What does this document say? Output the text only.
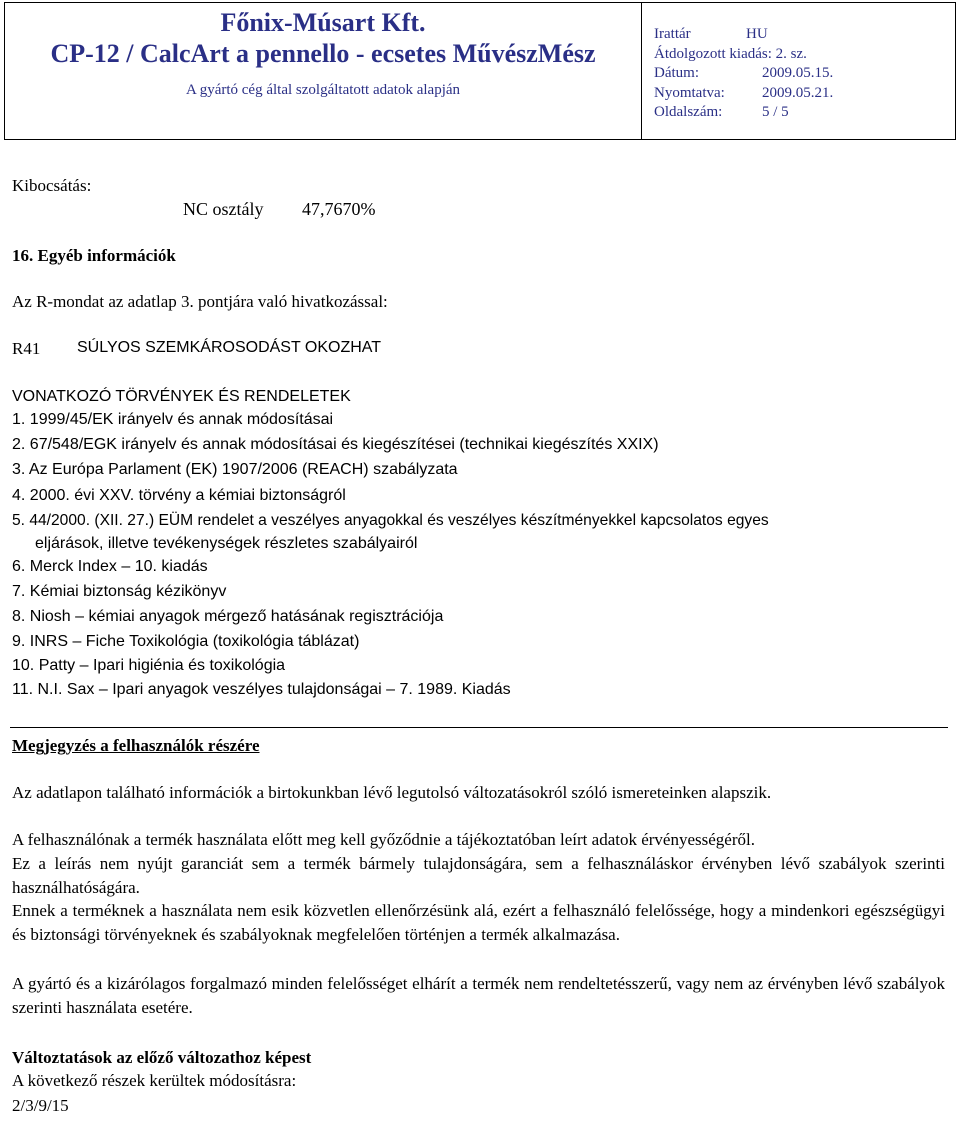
Főnix-Músart Kft.
CP-12 / CalcArt a pennello - ecsetes MűvészMész
A gyártó cég által szolgáltatott adatok alapján
Irattár	HU
Átdolgozott kiadás: 2. sz.
Dátum:	2009.05.15.
Nyomtatva: 2009.05.21.
Oldalszám:	5 / 5
Kibocsátás:
NC osztály 47,7670%
16. Egyéb információk
Az R-mondat az adatlap 3. pontjára való hivatkozással:
R41 SÚLYOS SZEMKÁROSODÁST OKOZHAT
VONATKOZÓ TÖRVÉNYEK ÉS RENDELETEK
1. 1999/45/EK irányelv és annak módosításai
2. 67/548/EGK irányelv és annak módosításai és kiegészítései (technikai kiegészítés XXIX)
3. Az Európa Parlament (EK) 1907/2006 (REACH) szabályzata
4. 2000. évi XXV. törvény a kémiai biztonságról
5. 44/2000. (XII. 27.) EÜM rendelet a veszélyes anyagokkal és veszélyes készítményekkel kapcsolatos egyes
eljárások, illetve tevékenységek részletes szabályairól
6. Merck Index – 10. kiadás
7. Kémiai biztonság kézikönyv
8. Niosh – kémiai anyagok mérgező hatásának regisztrációja
9. INRS – Fiche Toxikológia (toxikológia táblázat)
10. Patty – Ipari higiénia és toxikológia
11. N.I. Sax – Ipari anyagok veszélyes tulajdonságai – 7. 1989. Kiadás
Megjegyzés a felhasználók részére
Az adatlapon található információk a birtokunkban lévő legutolsó változatásokról szóló ismereteinken alapszik.
A felhasználónak a termék használata előtt meg kell győződnie a tájékoztatóban leírt adatok érvényességéről.
Ez a leírás nem nyújt garanciát sem a termék bármely tulajdonságára, sem a felhasználáskor érvényben lévő szabályok szerinti használhatóságára.
Ennek a terméknek a használata nem esik közvetlen ellenőrzésünk alá, ezért a felhasználó felelőssége, hogy a mindenkori egészségügyi és biztonsági törvényeknek és szabályoknak megfelelően történjen a termék alkalmazása.
A gyártó és a kizárólagos forgalmazó minden felelősséget elhárít a termék nem rendeltetésszerű, vagy nem az érvényben lévő szabályok szerinti használata esetére.
Változtatások az előző változathoz képest
A következő részek kerültek módosításra:
2/3/9/15
